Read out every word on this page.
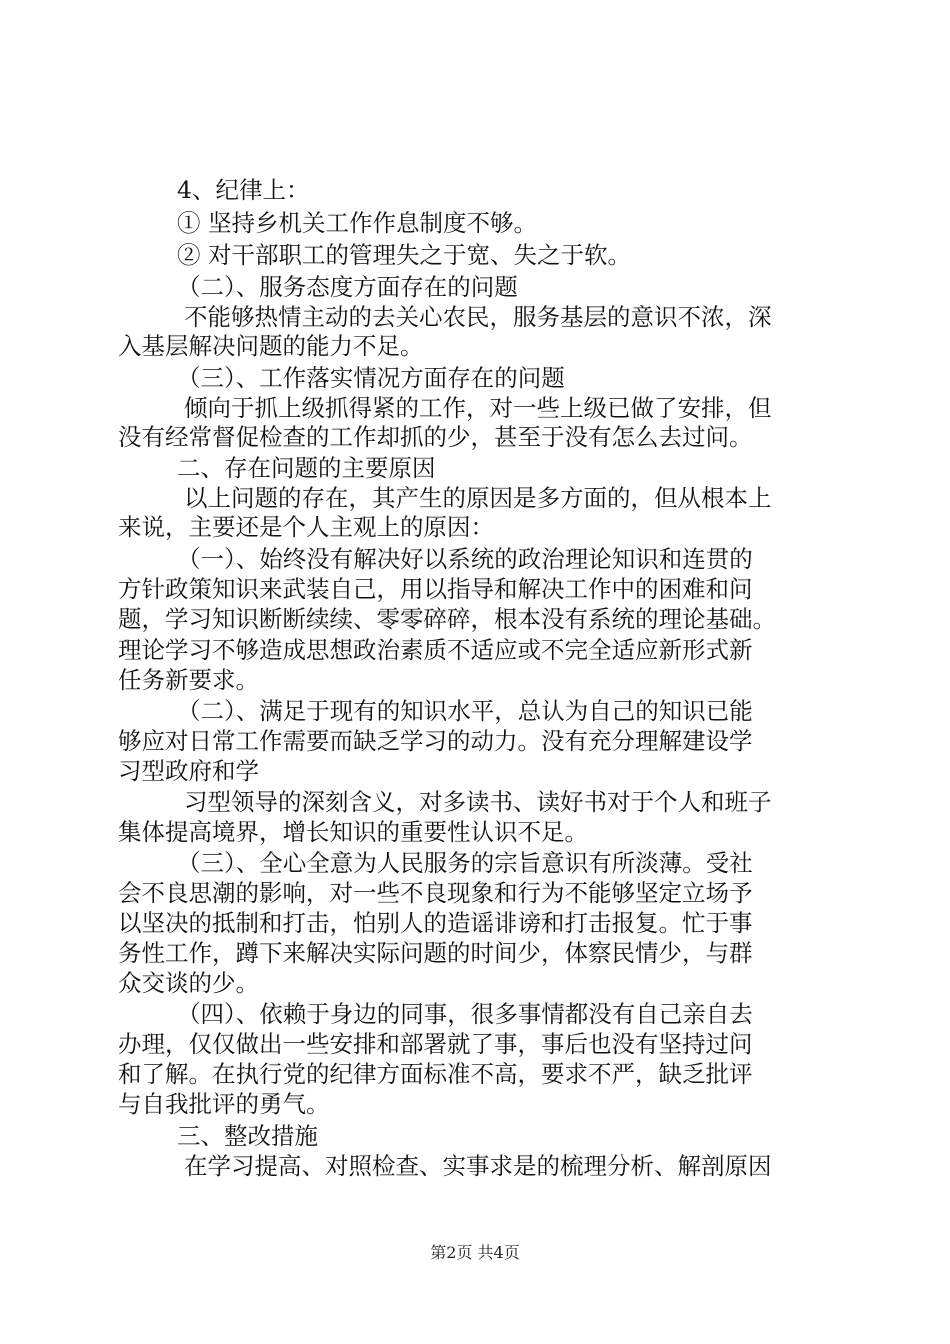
4、纪律上：
① 坚持乡机关工作作息制度不够。
② 对干部职工的管理失之于宽、失之于软。
（二）、服务态度方面存在的问题
不能够热情主动的去关心农民，服务基层的意识不浓，深
入基层解决问题的能力不足。
（三）、工作落实情况方面存在的问题
倾向于抓上级抓得紧的工作，对一些上级已做了安排，但
没有经常督促检查的工作却抓的少，甚至于没有怎么去过问。
二、存在问题的主要原因
以上问题的存在，其产生的原因是多方面的，但从根本上
来说，主要还是个人主观上的原因：
（一）、始终没有解决好以系统的政治理论知识和连贯的
方针政策知识来武装自己，用以指导和解决工作中的困难和问
题，学习知识断断续续、零零碎碎，根本没有系统的理论基础。
理论学习不够造成思想政治素质不适应或不完全适应新形式新
任务新要求。
（二）、满足于现有的知识水平，总认为自己的知识已能
够应对日常工作需要而缺乏学习的动力。没有充分理解建设学
习型政府和学
习型领导的深刻含义，对多读书、读好书对于个人和班子
集体提高境界，增长知识的重要性认识不足。
（三）、全心全意为人民服务的宗旨意识有所淡薄。受社
会不良思潮的影响，对一些不良现象和行为不能够坚定立场予
以坚决的抵制和打击，怕别人的造谣诽谤和打击报复。忙于事
务性工作，蹲下来解决实际问题的时间少，体察民情少，与群
众交谈的少。
（四）、依赖于身边的同事，很多事情都没有自己亲自去
办理，仅仅做出一些安排和部署就了事，事后也没有坚持过问
和了解。在执行党的纪律方面标准不高，要求不严，缺乏批评
与自我批评的勇气。
三、整改措施
在学习提高、对照检查、实事求是的梳理分析、解剖原因
第2页 共4页
